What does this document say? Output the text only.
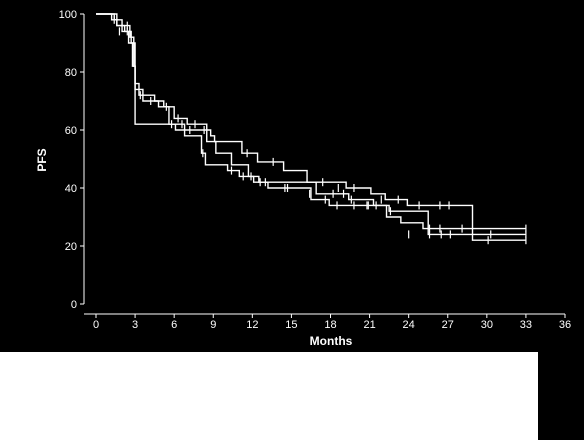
0
20
40
60
80
100
0	3	6	9	12 15 18 21 24 27 30 33 36
PFS
Months
